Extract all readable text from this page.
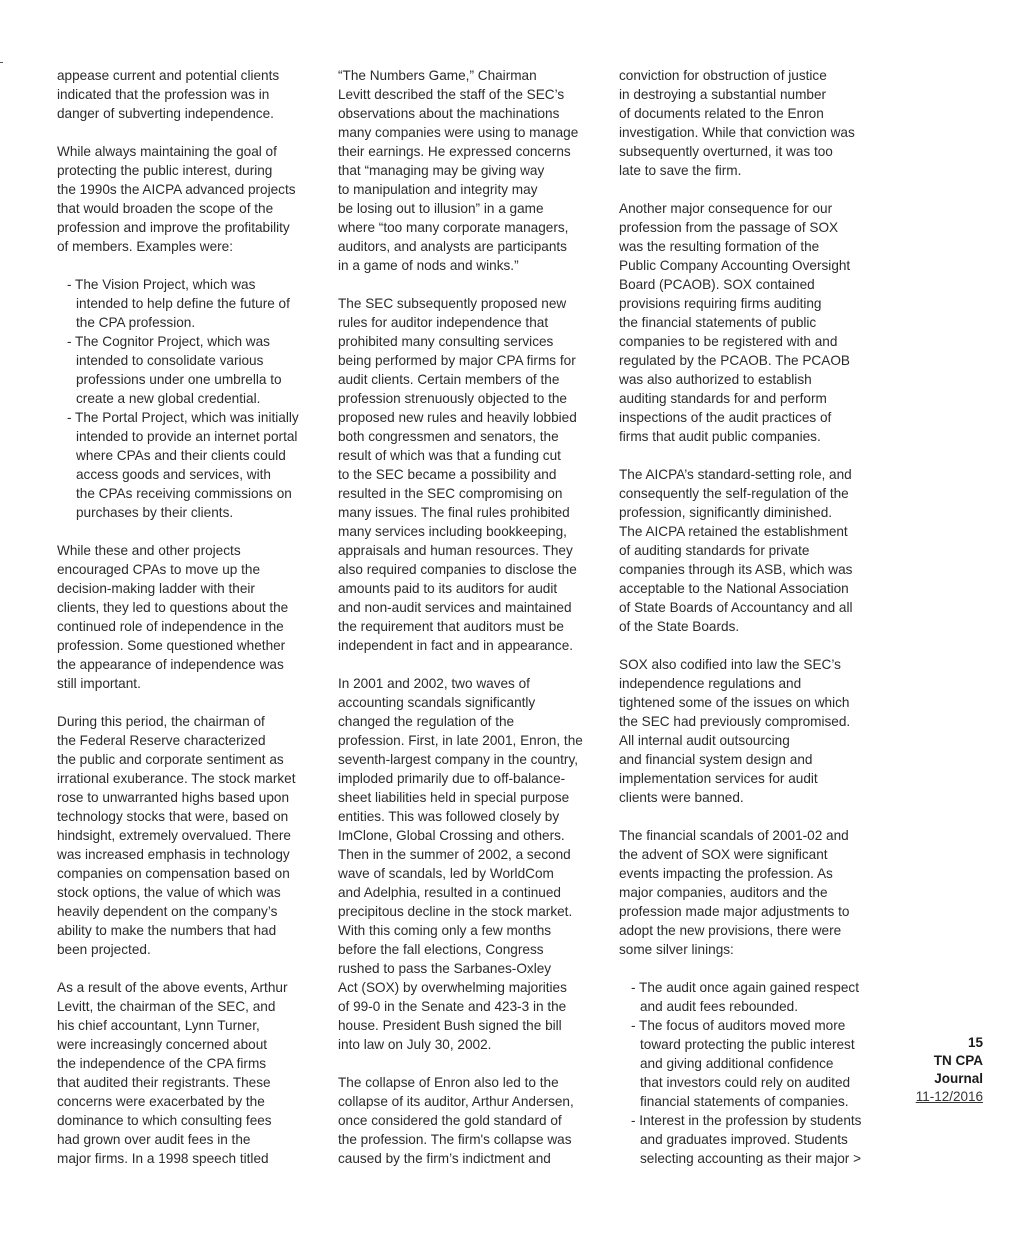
appease current and potential clients
indicated that the profession was in
danger of subverting independence.

While always maintaining the goal of
protecting the public interest, during
the 1990s the AICPA advanced projects
that would broaden the scope of the
profession and improve the profitability
of members. Examples were:

- The Vision Project, which was
intended to help define the future of
the CPA profession.
- The Cognitor Project, which was
intended to consolidate various
professions under one umbrella to
create a new global credential.
- The Portal Project, which was initially
intended to provide an internet portal
where CPAs and their clients could
access goods and services, with
the CPAs receiving commissions on
purchases by their clients.

While these and other projects
encouraged CPAs to move up the
decision-making ladder with their
clients, they led to questions about the
continued role of independence in the
profession. Some questioned whether
the appearance of independence was
still important.

During this period, the chairman of
the Federal Reserve characterized
the public and corporate sentiment as
irrational exuberance. The stock market
rose to unwarranted highs based upon
technology stocks that were, based on
hindsight, extremely overvalued. There
was increased emphasis in technology
companies on compensation based on
stock options, the value of which was
heavily dependent on the company’s
ability to make the numbers that had
been projected.

As a result of the above events, Arthur
Levitt, the chairman of the SEC, and
his chief accountant, Lynn Turner,
were increasingly concerned about
the independence of the CPA firms
that audited their registrants. These
concerns were exacerbated by the
dominance to which consulting fees
had grown over audit fees in the
major firms. In a 1998 speech titled

“The Numbers Game,” Chairman
Levitt described the staff of the SEC’s
observations about the machinations
many companies were using to manage
their earnings. He expressed concerns
that “managing may be giving way
to manipulation and integrity may
be losing out to illusion” in a game
where “too many corporate managers,
auditors, and analysts are participants
in a game of nods and winks.”

The SEC subsequently proposed new
rules for auditor independence that
prohibited many consulting services
being performed by major CPA firms for
audit clients. Certain members of the
profession strenuously objected to the
proposed new rules and heavily lobbied
both congressmen and senators, the
result of which was that a funding cut
to the SEC became a possibility and
resulted in the SEC compromising on
many issues. The final rules prohibited
many services including bookkeeping,
appraisals and human resources. They
also required companies to disclose the
amounts paid to its auditors for audit
and non-audit services and maintained
the requirement that auditors must be
independent in fact and in appearance.

In 2001 and 2002, two waves of
accounting scandals significantly
changed the regulation of the
profession. First, in late 2001, Enron, the
seventh-largest company in the country,
imploded primarily due to off-balance-
sheet liabilities held in special purpose
entities. This was followed closely by
ImClone, Global Crossing and others.
Then in the summer of 2002, a second
wave of scandals, led by WorldCom
and Adelphia, resulted in a continued
precipitous decline in the stock market.
With this coming only a few months
before the fall elections, Congress
rushed to pass the Sarbanes-Oxley
Act (SOX) by overwhelming majorities
of 99-0 in the Senate and 423-3 in the
house. President Bush signed the bill
into law on July 30, 2002.

The collapse of Enron also led to the
collapse of its auditor, Arthur Andersen,
once considered the gold standard of
the profession. The firm's collapse was
caused by the firm’s indictment and

conviction for obstruction of justice
in destroying a substantial number
of documents related to the Enron
investigation. While that conviction was
subsequently overturned, it was too
late to save the firm.

Another major consequence for our
profession from the passage of SOX
was the resulting formation of the
Public Company Accounting Oversight
Board (PCAOB). SOX contained
provisions requiring firms auditing
the financial statements of public
companies to be registered with and
regulated by the PCAOB. The PCAOB
was also authorized to establish
auditing standards for and perform
inspections of the audit practices of
firms that audit public companies.

The AICPA’s standard-setting role, and
consequently the self-regulation of the
profession, significantly diminished.
The AICPA retained the establishment
of auditing standards for private
companies through its ASB, which was
acceptable to the National Association
of State Boards of Accountancy and all
of the State Boards.

SOX also codified into law the SEC’s
independence regulations and
tightened some of the issues on which
the SEC had previously compromised.
All internal audit outsourcing
and financial system design and
implementation services for audit
clients were banned.

The financial scandals of 2001-02 and
the advent of SOX were significant
events impacting the profession. As
major companies, auditors and the
profession made major adjustments to
adopt the new provisions, there were
some silver linings:

- The audit once again gained respect
and audit fees rebounded.
- The focus of auditors moved more
toward protecting the public interest
and giving additional confidence
that investors could rely on audited
financial statements of companies.
- Interest in the profession by students
and graduates improved. Students
selecting accounting as their major >
15
TN CPA
Journal
11-12/2016
